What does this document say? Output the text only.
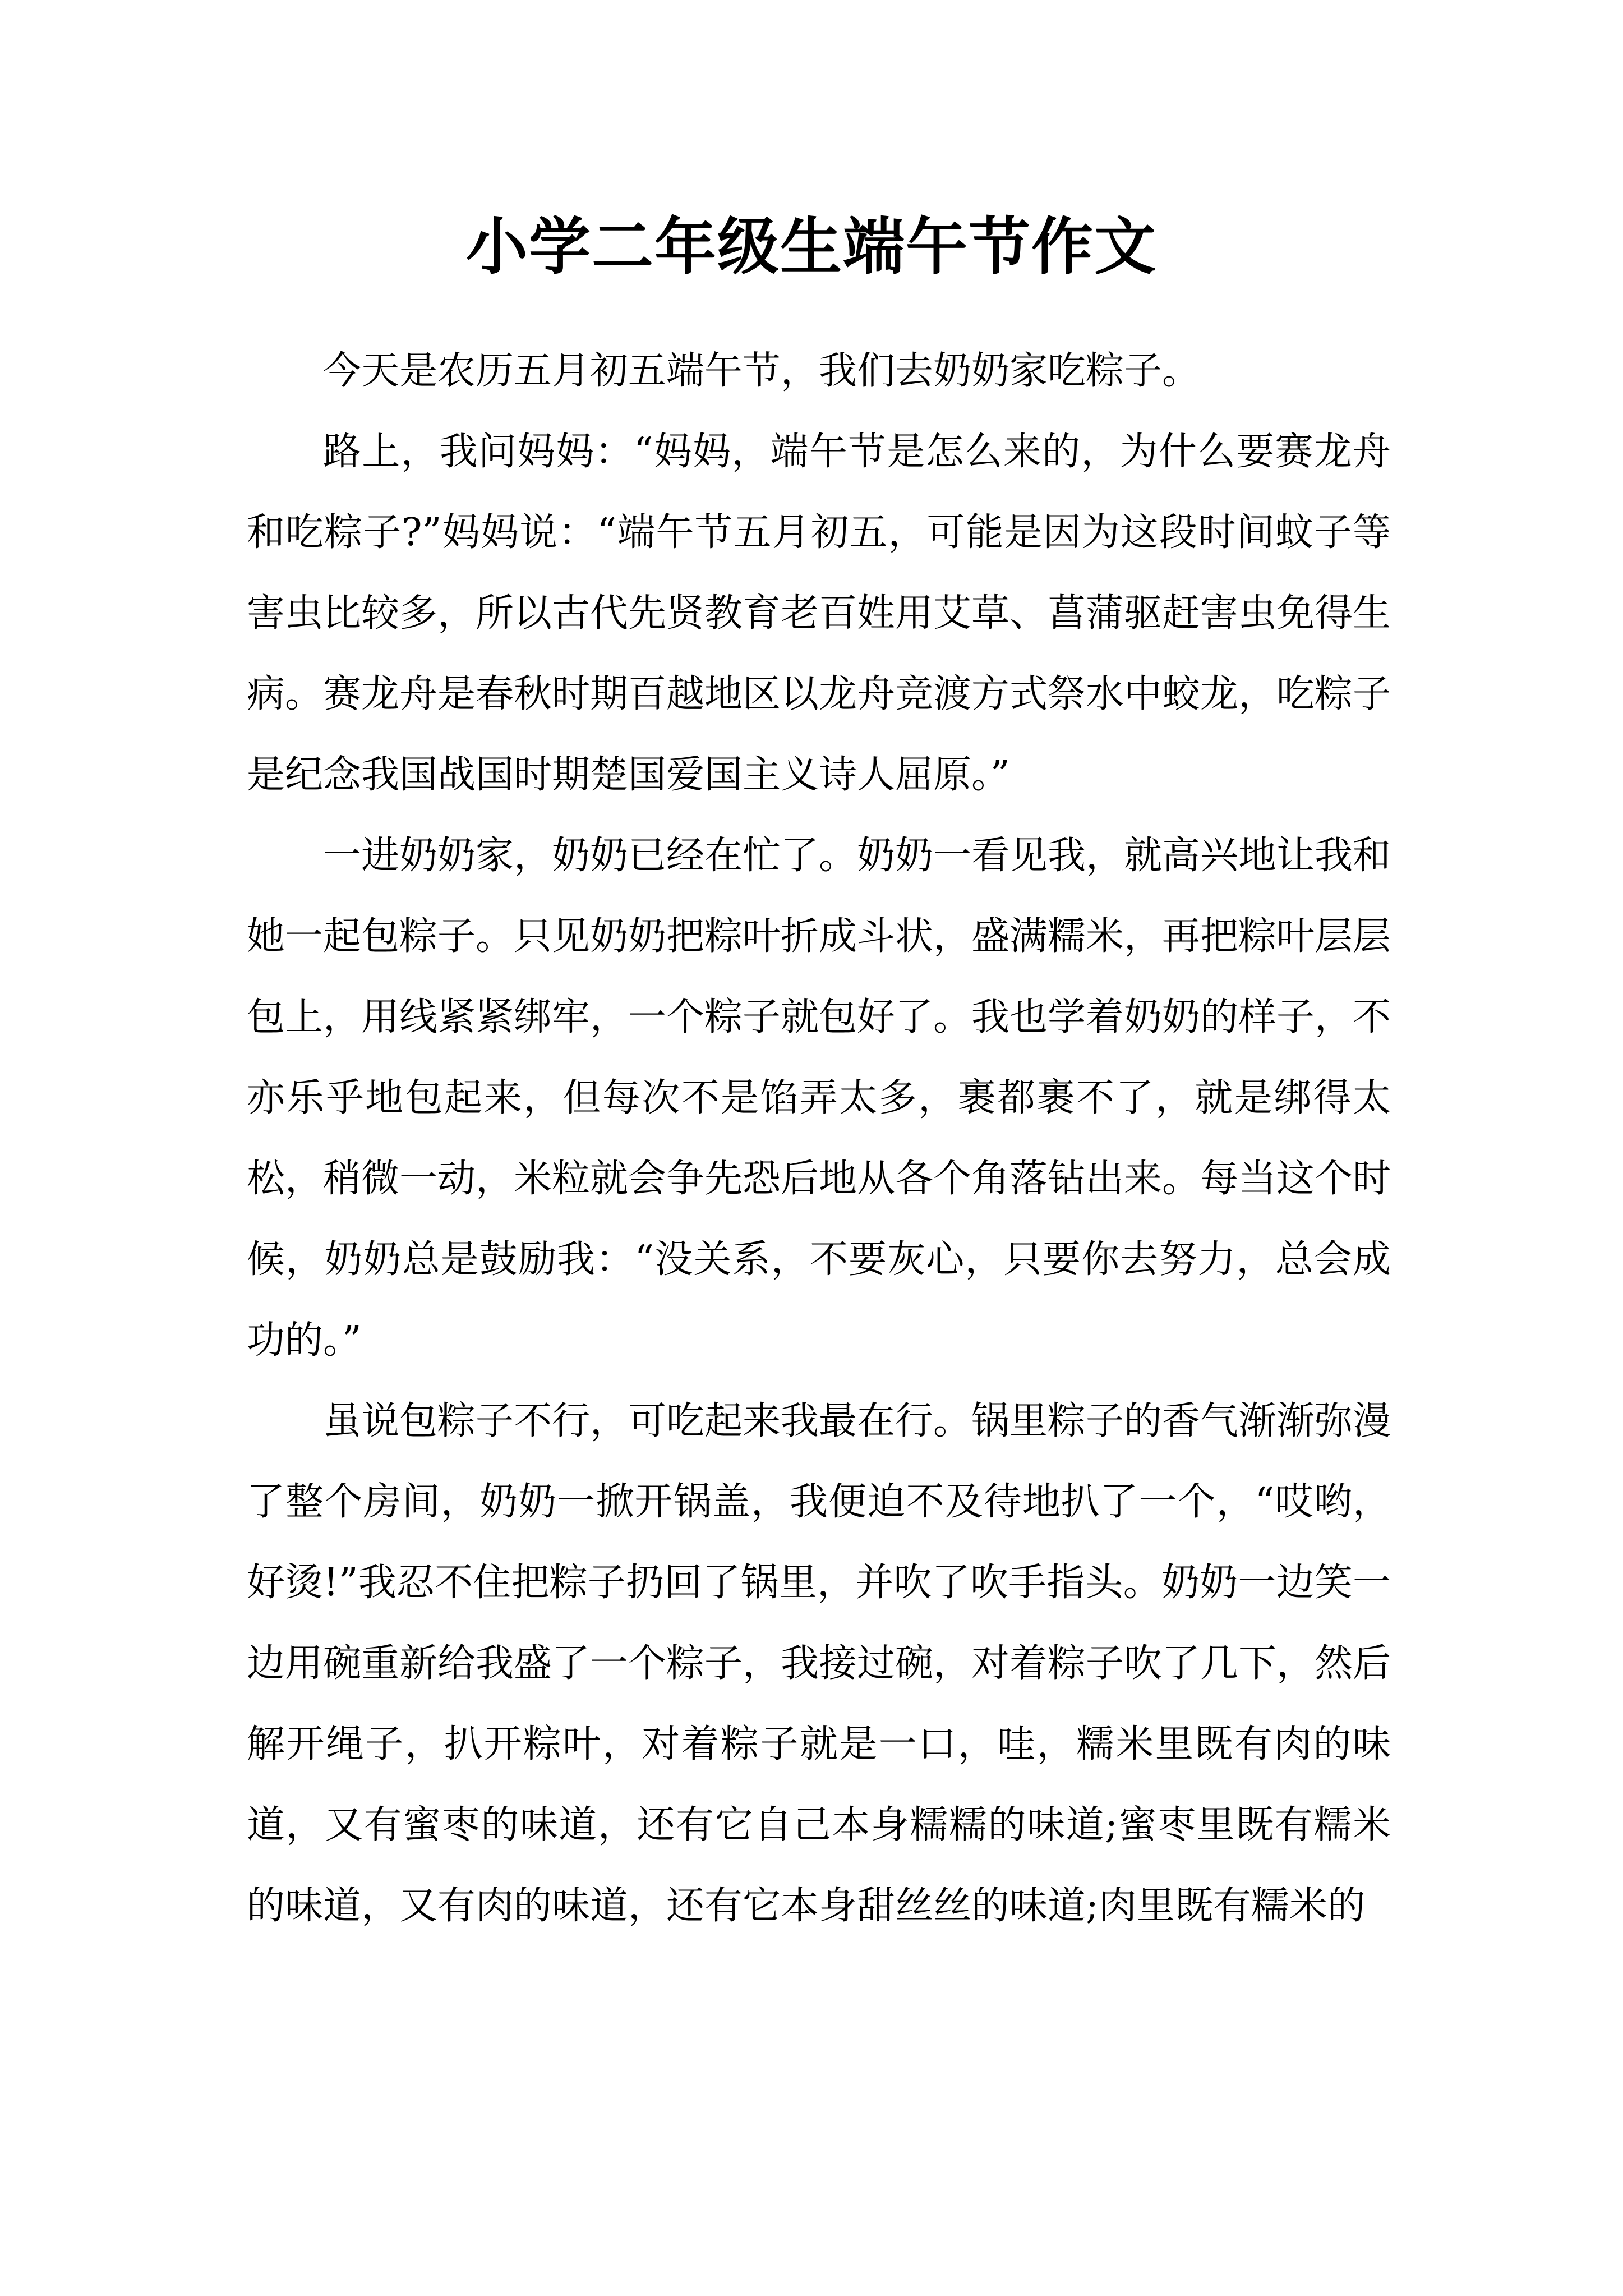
小学二年级生端午节作文

今天是农历五月初五端午节，我们去奶奶家吃粽子。

路上，我问妈妈：“妈妈，端午节是怎么来的，为什么要赛龙舟和吃粽子?”妈妈说：“端午节五月初五，可能是因为这段时间蚊子等害虫比较多，所以古代先贤教育老百姓用艾草、菖蒲驱赶害虫免得生病。赛龙舟是春秋时期百越地区以龙舟竞渡方式祭水中蛟龙，吃粽子是纪念我国战国时期楚国爱国主义诗人屈原。”

一进奶奶家，奶奶已经在忙了。奶奶一看见我，就高兴地让我和她一起包粽子。只见奶奶把粽叶折成斗状，盛满糯米，再把粽叶层层包上，用线紧紧绑牢，一个粽子就包好了。我也学着奶奶的样子，不亦乐乎地包起来，但每次不是馅弄太多，裹都裹不了，就是绑得太松，稍微一动，米粒就会争先恐后地从各个角落钻出来。每当这个时候，奶奶总是鼓励我：“没关系，不要灰心，只要你去努力，总会成功的。”

虽说包粽子不行，可吃起来我最在行。锅里粽子的香气渐渐弥漫了整个房间，奶奶一掀开锅盖，我便迫不及待地扒了一个，“哎哟，好烫!”我忍不住把粽子扔回了锅里，并吹了吹手指头。奶奶一边笑一边用碗重新给我盛了一个粽子，我接过碗，对着粽子吹了几下，然后解开绳子，扒开粽叶，对着粽子就是一口，哇，糯米里既有肉的味道，又有蜜枣的味道，还有它自己本身糯糯的味道;蜜枣里既有糯米的味道，又有肉的味道，还有它本身甜丝丝的味道;肉里既有糯米的
